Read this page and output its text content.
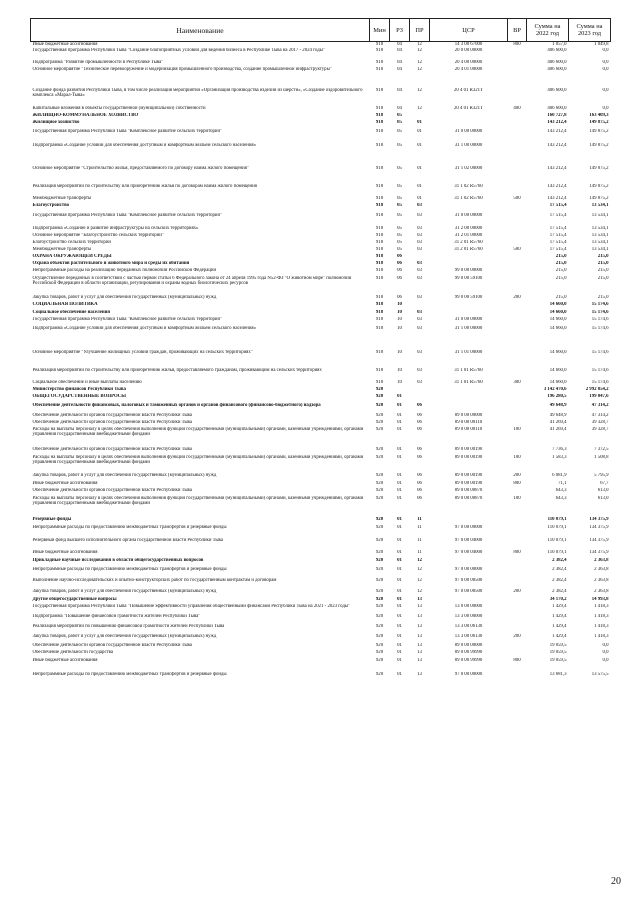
Наименование	Мин	РЗ	ПР	ЦСР	ВР	Сумма на 2022 год	Сумма на 2023 год
Иные бюджетные ассигнования	918	04	12	14 3 00 67000	800	1 057,0	1 049,8
Государственная программа Республики Тыва "Создание благоприятных условий для ведения бизнеса в Республике Тыва на 2017 - 2024 годы"	918	04	12	20 0 00 00000		406 600,0	0,0
Подпрограмма "Развитие промышленности в Республике Тыва"	918	04	12	20 4 00 00000		406 600,0	0,0
Основное мероприятие "Техническое перевооружение и модернизация промышленного производства, создание промышленной инфраструктуры"	918	04	12	20 4 01 00000		406 600,0	0,0
Создание фонда развития Республики Тыва, в том числе реализация мероприятий «Организация производства изделий из шерсти», «Создание оздоровительного комплекса «Марал-Тыва»	918	04	12	20 4 01 R321T		406 600,0	0,0
Капитальные вложения в объекты государственной (муниципальной) собственности	918	04	12	20 4 01 R321T	400	406 600,0	0,0
ЖИЛИЩНО-КОММУНАЛЬНОЕ ХОЗЯЙСТВО	918	05				160 727,8	163 409,3
Жилищное хозяйство	918	05	01			143 212,4	149 875,2
Государственная программа Республики Тыва "Комплексное развитие сельских территорий"	918	05	01	31 0 00 00000		143 212,4	149 875,2
Подпрограмма «Создание условий для обеспечения доступным и комфортным жильем сельского населения»	918	05	01	31 1 00 00000		143 212,4	149 875,2
Основное мероприятие "Строительство жилья, предоставляемого по договору найма жилого помещения"	918	05	01	31 1 02 00000		143 212,4	149 875,2
Реализация мероприятий по строительству или приобретению жилья по договорам найма жилого помещения	918	05	01	31 1 02 R5760		143 212,4	149 875,2
Межбюджетные трансферты	918	05	01	31 1 02 R5760	500	143 212,4	149 875,2
Благоустройство	918	05	03			17 515,4	13 534,1
Государственная программа Республики Тыва "Комплексное развитие сельских территорий"	918	05	03	31 0 00 00000		17 515,4	13 534,1
Подпрограмма «Создание и развитие инфраструктуры на сельских территориях»	918	05	03	31 2 00 00000		17 515,4	13 534,1
Основное мероприятие "Благоустройство сельских территорий"	918	05	03	31 2 01 00000		17 515,4	13 534,1
Благоустройство сельских территорий	918	05	03	31 2 01 R5760		17 515,4	13 534,1
Межбюджетные трансферты	918	05	03	31 2 01 R5760	500	17 515,4	13 534,1
ОХРАНА ОКРУЖАЮЩЕЙ СРЕДЫ	918	06				215,0	215,0
Охрана объектов растительного и животного мира и среды их обитания	918	06	03			215,0	215,0
Непрограммные расходы на реализацию переданных полномочий Российской Федерации	918	06	03	99 0 00 00000		215,0	215,0
Осуществление переданных в соответствии с частью первой статьи 6 Федерального закона от 24 апреля 1995 года N52-ФЗ "О животном мире" полномочий Российской Федерации в области организации, регулирования и охраны водных биологических ресурсов	918	06	03	99 0 00 59100		215,0	215,0
Закупка товаров, работ и услуг для обеспечения государственных (муниципальных) нужд	918	06	03	99 0 00 59100	200	215,0	215,0
СОЦИАЛЬНАЯ ПОЛИТИКА	918	10				14 660,0	15 174,6
Социальное обеспечение населения	918	10	03			14 660,0	15 174,6
Государственная программа Республики Тыва "Комплексное развитие сельских территорий"	918	10	03	31 0 00 00000		14 660,0	15 174,6
Подпрограмма «Создание условий для обеспечения доступным и комфортным жильем сельского населения»	918	10	03	31 1 00 00000		14 660,0	15 174,6
Основное мероприятие "Улучшение жилищных условий граждан, проживающих на сельских территориях"	918	10	03	31 1 01 00000		14 660,0	15 174,6
Реализация мероприятий по строительству или приобретению жилья, предоставляемого гражданам, проживающим на сельских территориях	918	10	03	31 1 01 R5760		14 660,0	15 174,6
Социальное обеспечение и иные выплаты населению	918	10	03	31 1 01 R5760	300	14 660,0	15 174,6
Министерство финансов Республики Тыва	920					3 142 470,6	2 992 854,2
ОБЩЕГОСУДАРСТВЕННЫЕ ВОПРОСЫ	920	01				196 280,5	199 047,6
Обеспечение деятельности финансовых, налоговых и таможенных органов и органов финансового (финансово-бюджетного) надзора	920	01	06			49 648,9	47 314,2
Обеспечение деятельности органов государственной власти Республики Тыва	920	01	06	89 0 00 00000		49 648,9	47 314,2
Обеспечение деятельности органов государственной власти Республики Тыва	920	01	06	89 0 00 00110		41 269,4	39 328,7
Расходы на выплаты персоналу в целях обеспечения выполнения функций государственными (муниципальными) органами, казенными учреждениями, органами управления государственными внебюджетными фондами	920	01	06	89 0 00 00110	100	41 269,4	39 328,7
Обеспечение деятельности органов государственной власти Республики Тыва	920	01	06	89 0 00 00190		7 736,3	7 372,5
Расходы на выплаты персоналу в целях обеспечения выполнения функций государственными (муниципальными) органами, казенными учреждениями, органами управления государственными внебюджетными фондами	920	01	06	89 0 00 00190	100	1 583,3	1 508,8
Закупка товаров, работ и услуг для обеспечения государственных (муниципальных) нужд	920	01	06	89 0 00 00190	200	6 081,9	5 795,9
Иные бюджетные ассигнования	920	01	06	89 0 00 00190	800	71,1	67,7
Обеспечение деятельности органов государственной власти Республики Тыва	920	01	06	89 0 00 00870		643,3	613,0
Расходы на выплаты персоналу в целях обеспечения выполнения функций государственными (муниципальными) органами, казенными учреждениями, органами управления государственными внебюджетными фондами	920	01	06	89 0 00 00870	100	643,3	613,0
Резервные фонды	920	01	11			110 079,1	134 375,9
Непрограммные расходы по предоставлению межбюджетных трансфертов и резервные фонды	920	01	11	97 0 00 00000		110 079,1	134 375,9
Резервный фонд высшего исполнительного органа государственной власти Республики Тыва	920	01	11	97 0 00 04000		110 079,1	134 375,9
Иные бюджетные ассигнования	920	01	11	97 0 00 04000	800	110 079,1	134 375,9
Прикладные научные исследования в области общегосударственных вопросов	920	01	12			2 382,4	2 363,8
Непрограммные расходы по предоставлению межбюджетных трансфертов и резервные фонды	920	01	12	97 0 00 00000		2 382,4	2 363,8
Выполнение научно-исследовательских и опытно-конструкторских работ по государственным контрактам и договорам	920	01	12	97 0 00 08500		2 382,4	2 363,8
Закупка товаров, работ и услуг для обеспечения государственных (муниципальных) нужд	920	01	12	97 0 00 08500	200	2 382,4	2 363,8
Другие общегосударственные вопросы	920	01	13			34 170,2	14 993,8
Государственная программа Республики Тыва "Повышение эффективности управления общественными финансами Республики Тыва на 2021 - 2023 годы"	920	01	13	13 0 00 00000		1 429,4	1 418,3
Подпрограмма "Повышение финансовой грамотности жителей Республики Тыва"	920	01	13	13 3 00 00000		1 429,4	1 418,3
Реализация мероприятий по повышению финансовой грамотности жителей Республики Тыва	920	01	13	13 3 00 06130		1 429,4	1 418,3
Закупка товаров, работ и услуг для обеспечения государственных (муниципальных) нужд	920	01	13	13 3 00 06130	200	1 429,4	1 418,3
Обеспечение деятельности органов государственной власти Республики Тыва	920	01	13	89 0 00 00000		19 059,5	0,0
Обеспечение деятельности государства	920	01	13	89 0 00 99990		19 059,5	0,0
Иные бюджетные ассигнования	920	01	13	89 0 00 99990	800	19 059,5	0,0
Непрограммные расходы по предоставлению межбюджетных трансфертов и резервные фонды	920	01	13	97 0 00 00000		13 681,3	13 575,5
20
